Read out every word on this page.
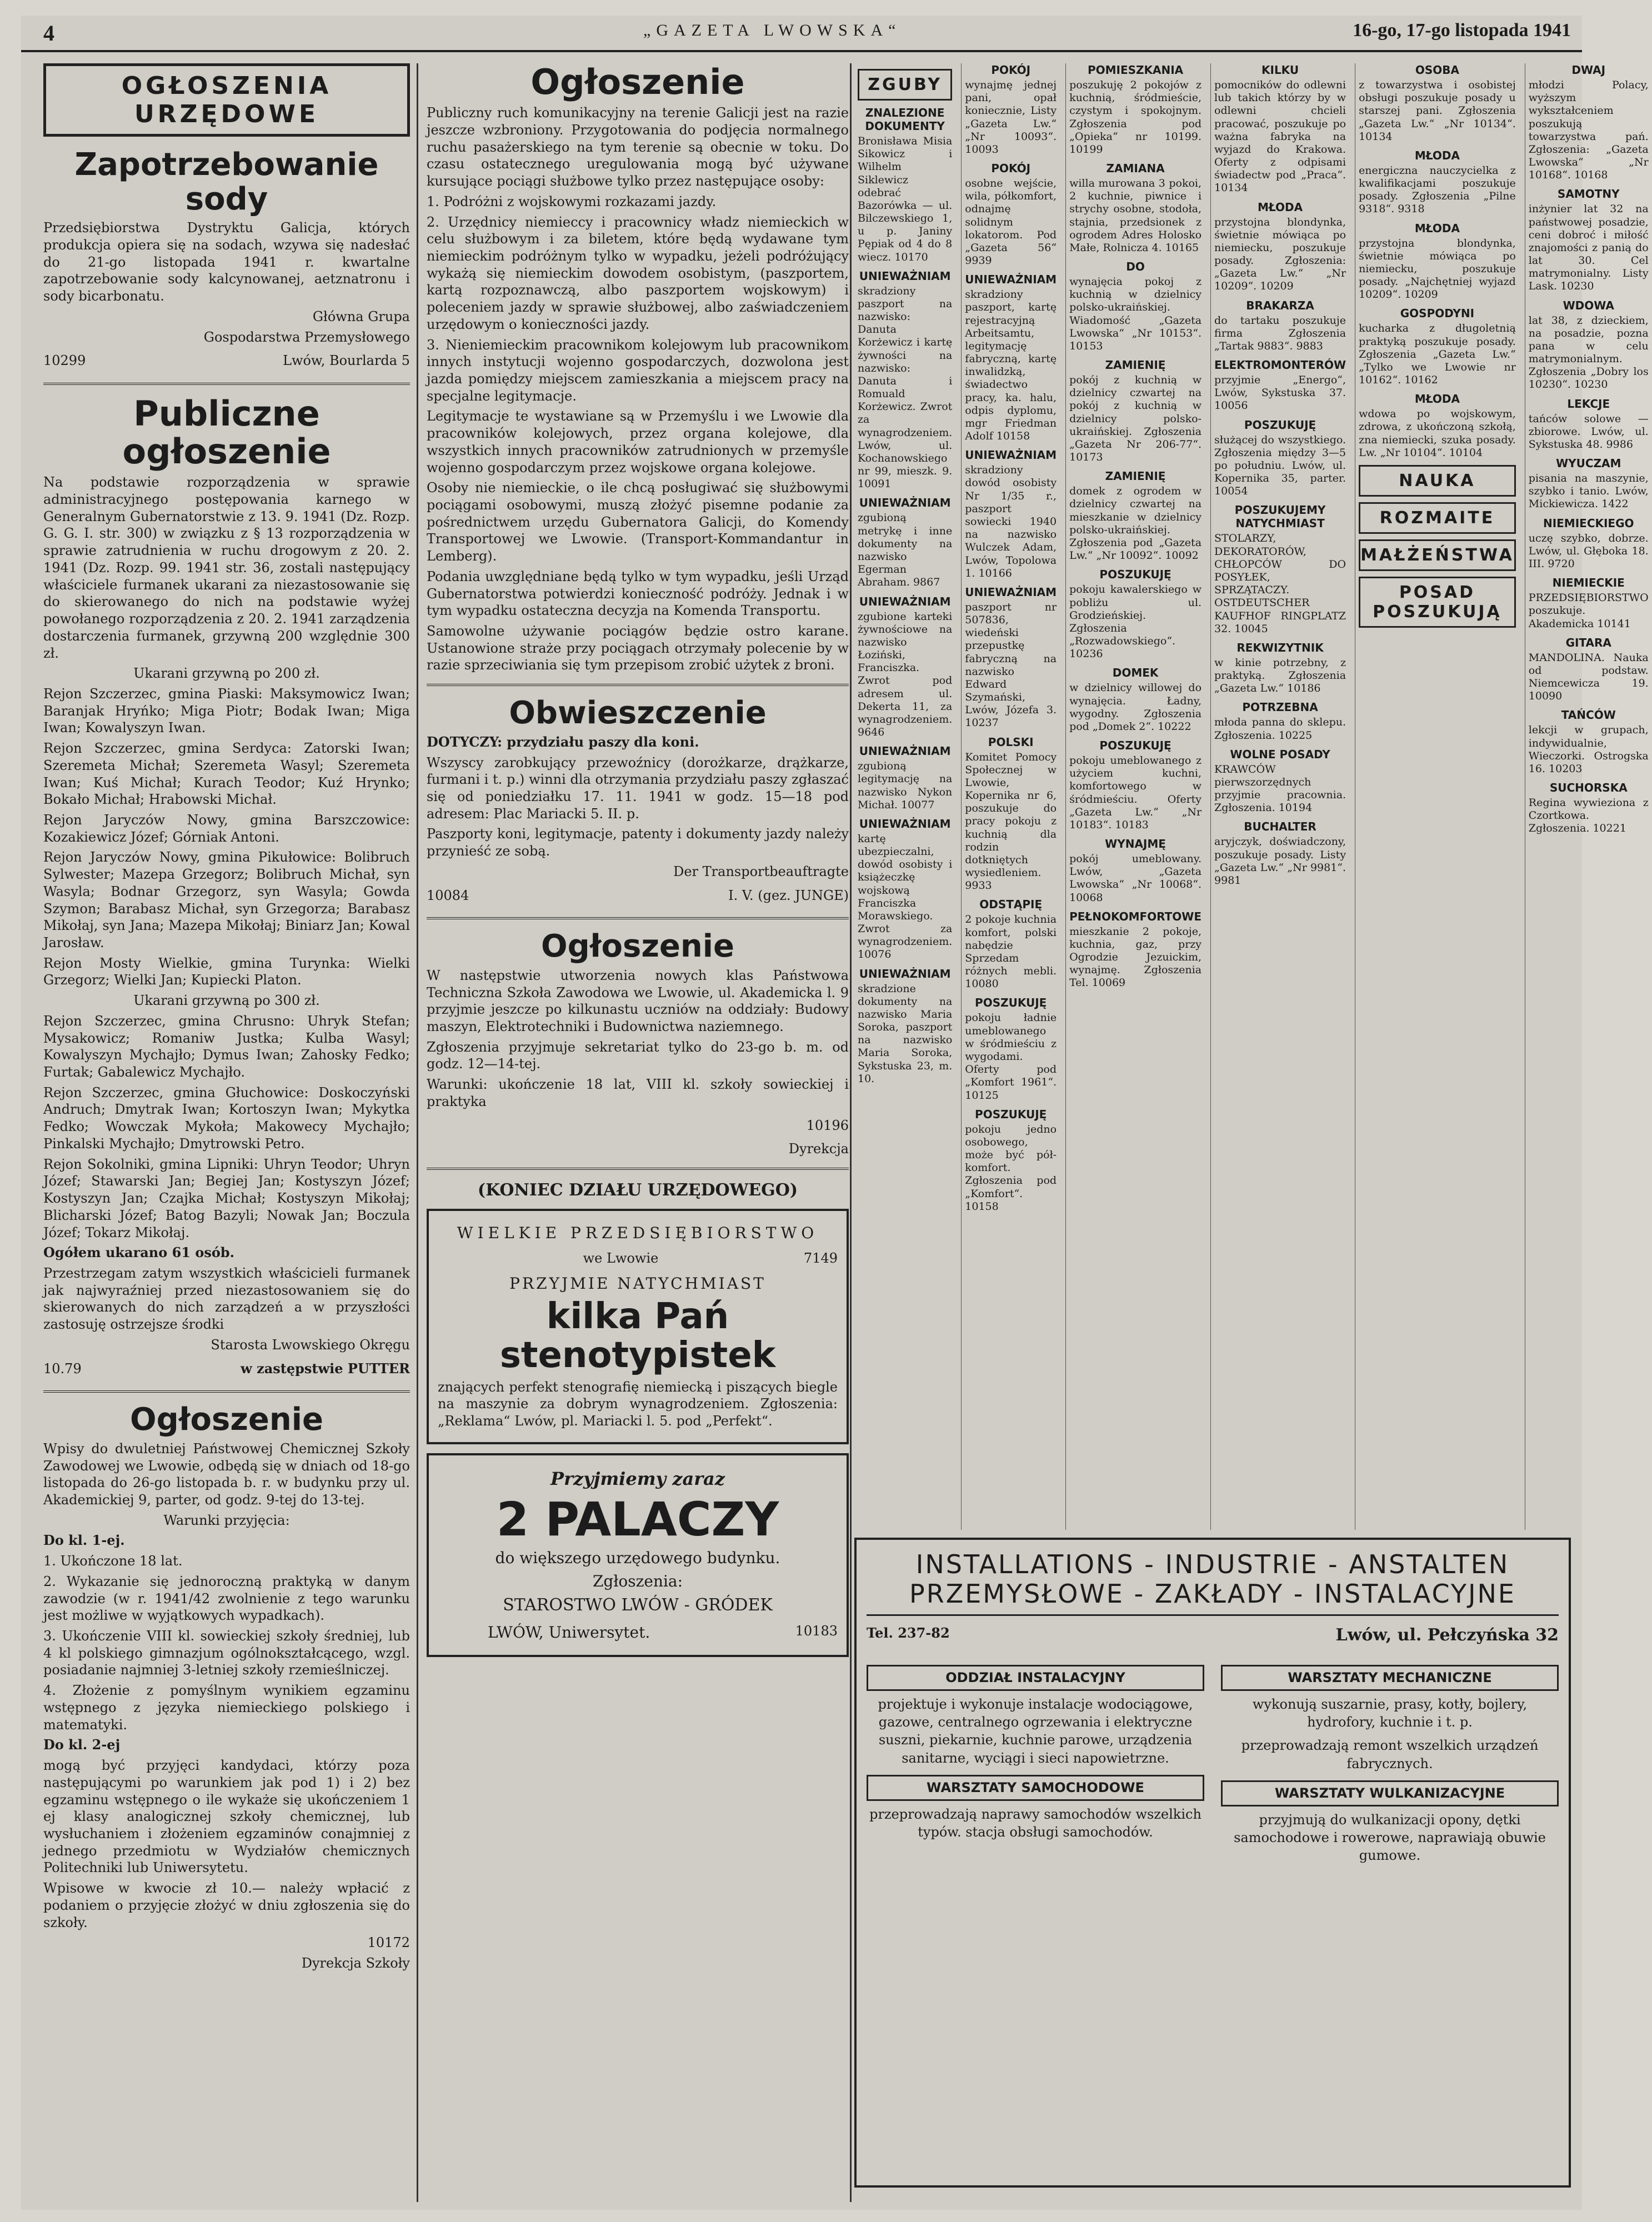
4	„GAZETA LWOWSKA“	16-go, 17-go listopada 1941
OGŁOSZENIA URZĘDOWE
Zapotrzebowanie sody

Przedsiębiorstwa Dystryktu Galicja, których produkcja opiera się na sodach, wzywa się nadesłać do 21-go listopada 1941 r. kwartalne zapotrzebowanie sody kalcynowanej, aetznatronu i sody bicarbonatu.

Główna Grupa

Gospodarstwa Przemysłowego

10299	Lwów, Bourlarda 5
Publiczne ogłoszenie

Na podstawie rozporządzenia w sprawie administracyjnego postępowania karnego w Generalnym Gubernatorstwie z 13. 9. 1941 (Dz. Rozp. G. G. I. str. 300) w związku z § 13 rozporządzenia w sprawie zatrudnienia w ruchu drogowym z 20. 2. 1941 (Dz. Rozp. 99. 1941 str. 36, zostali następujący właściciele furmanek ukarani za niezastosowanie się do skierowanego do nich na podstawie wyżej powołanego rozporządzenia z 20. 2. 1941 zarządzenia dostarczenia furmanek, grzywną 200 względnie 300 zł.

Ukarani grzywną po 200 zł.

Rejon Szczerzec, gmina Piaski: Maksymowicz Iwan; Baranjak Hryńko; Miga Piotr; Bodak Iwan; Miga Iwan; Kowalyszyn Iwan.

Rejon Szczerzec, gmina Serdyca: Zatorski Iwan; Szeremeta Michał; Szeremeta Wasyl; Szeremeta Iwan; Kuś Michał; Kurach Teodor; Kuź Hrynko; Bokało Michał; Hrabowski Michał.

Rejon Jaryczów Nowy, gmina Barszczowice: Kozakiewicz Józef; Górniak Antoni.

Rejon Jaryczów Nowy, gmina Pikułowice: Bolibruch Sylwester; Mazepa Grzegorz; Bolibruch Michał, syn Wasyla; Bodnar Grzegorz, syn Wasyla; Gowda Szymon; Barabasz Michał, syn Grzegorza; Barabasz Mikołaj, syn Jana; Mazepa Mikołaj; Biniarz Jan; Kowal Jarosław.

Rejon Mosty Wielkie, gmina Turynka: Wielki Grzegorz; Wielki Jan; Kupiecki Platon.

Ukarani grzywną po 300 zł.

Rejon Szczerzec, gmina Chrusno: Uhryk Stefan; Mysakowicz; Romaniw Justka; Kulba Wasyl; Kowalyszyn Mychajło; Dymus Iwan; Zahosky Fedko; Furtak; Gabalewicz Mychajło.

Rejon Szczerzec, gmina Głuchowice: Doskoczyński Andruch; Dmytrak Iwan; Kortoszyn Iwan; Mykytka Fedko; Wowczak Mykoła; Makowecy Mychajło; Pinkalski Mychajło; Dmytrowski Petro.

Rejon Sokolniki, gmina Lipniki: Uhryn Teodor; Uhryn Józef; Stawarski Jan; Begiej Jan; Kostyszyn Józef; Kostyszyn Jan; Czajka Michał; Kostyszyn Mikołaj; Blicharski Józef; Batog Bazyli; Nowak Jan; Boczula Józef; Tokarz Mikołaj.

Ogółem ukarano 61 osób.

Przestrzegam zatym wszystkich właścicieli furmanek jak najwyraźniej przed niezastosowaniem się do skierowanych do nich zarządzeń a w przyszłości zastosuję ostrzejsze środki

Starosta Lwowskiego Okręgu

10.79	w zastępstwie PUTTER
Ogłoszenie

Wpisy do dwuletniej Państwowej Chemicznej Szkoły Zawodowej we Lwowie, odbędą się w dniach od 18-go listopada do 26-go listopada b. r. w budynku przy ul. Akademickiej 9, parter, od godz. 9-tej do 13-tej.

Warunki przyjęcia:

Do kl. 1-ej.

1. Ukończone 18 lat.

2. Wykazanie się jednoroczną praktyką w danym zawodzie (w r. 1941/42 zwolnienie z tego warunku jest możliwe w wyjątkowych wypadkach).

3. Ukończenie VIII kl. sowieckiej szkoły średniej, lub 4 kl polskiego gimnazjum ogólnokształcącego, wzgl. posiadanie najmniej 3-letniej szkoły rzemieślniczej.

4. Złożenie z pomyślnym wynikiem egzaminu wstępnego z języka niemieckiego polskiego i matematyki.

Do kl. 2-ej

mogą być przyjęci kandydaci, którzy poza następującymi po warunkiem jak pod 1) i 2) bez egzaminu wstępnego o ile wykaże się ukończeniem 1 ej klasy analogicznej szkoły chemicznej, lub wysłuchaniem i złożeniem egzaminów conajmniej z jednego przedmiotu w Wydziałów chemicznych Politechniki lub Uniwersytetu.

Wpisowe w kwocie zł 10.— należy wpłacić z podaniem o przyjęcie złożyć w dniu zgłoszenia się do szkoły.

10172

Dyrekcja Szkoły

Ogłoszenie

Publiczny ruch komunikacyjny na terenie Galicji jest na razie jeszcze wzbroniony. Przygotowania do podjęcia normalnego ruchu pasażerskiego na tym terenie są obecnie w toku. Do czasu ostatecznego uregulowania mogą być używane kursujące pociągi służbowe tylko przez następujące osoby:

1. Podróżni z wojskowymi rozkazami jazdy.

2. Urzędnicy niemieccy i pracownicy władz niemieckich w celu służbowym i za biletem, które będą wydawane tym niemieckim podróżnym tylko w wypadku, jeżeli podróżujący wykażą się niemieckim dowodem osobistym, (paszportem, kartą rozpoznawczą, albo paszportem wojskowym) i poleceniem jazdy w sprawie służbowej, albo zaświadczeniem urzędowym o konieczności jazdy.

3. Nieniemieckim pracownikom kolejowym lub pracownikom innych instytucji wojenno gospodarczych, dozwolona jest jazda pomiędzy miejscem zamieszkania a miejscem pracy na specjalne legitymacje.

Legitymacje te wystawiane są w Przemyślu i we Lwowie dla pracowników kolejowych, przez organa kolejowe, dla wszystkich innych pracowników zatrudnionych w przemyśle wojenno gospodarczym przez wojskowe organa kolejowe.

Osoby nie niemieckie, o ile chcą posługiwać się służbowymi pociągami osobowymi, muszą złożyć pisemne podanie za pośrednictwem urzędu Gubernatora Galicji, do Komendy Transportowej we Lwowie. (Transport-Kommandantur in Lemberg).

Podania uwzględniane będą tylko w tym wypadku, jeśli Urząd Gubernatorstwa potwierdzi konieczność podróży. Jednak i w tym wypadku ostateczna decyzja na Komenda Transportu.

Samowolne używanie pociągów będzie ostro karane. Ustanowione straże przy pociągach otrzymały polecenie by w razie sprzeciwiania się tym przepisom zrobić użytek z broni.

Obwieszczenie

DOTYCZY: przydziału paszy dla koni.

Wszyscy zarobkujący przewoźnicy (dorożkarze, drążkarze, furmani i t. p.) winni dla otrzymania przydziału paszy zgłaszać się od poniedziałku 17. 11. 1941 w godz. 15—18 pod adresem: Plac Mariacki 5. II. p.

Paszporty koni, legitymacje, patenty i dokumenty jazdy należy przynieść ze sobą.

Der Transportbeauftragte

10084	I. V. (gez. JUNGE)
Ogłoszenie

W następstwie utworzenia nowych klas Państwowa Techniczna Szkoła Zawodowa we Lwowie, ul. Akademicka l. 9 przyjmie jeszcze po kilkunastu uczniów na oddziały: Budowy maszyn, Elektrotechniki i Budownictwa naziemnego.

Zgłoszenia przyjmuje sekretariat tylko do 23-go b. m. od godz. 12—14-tej.

Warunki: ukończenie 18 lat, VIII kl. szkoły sowieckiej i praktyka

10196

Dyrekcja

(KONIEC DZIAŁU URZĘDOWEGO)

WIELKIE PRZEDSIĘBIORSTWO

we Lwowie	7149

PRZYJMIE NATYCHMIAST

kilka Pań stenotypistek

znających perfekt stenografię niemiecką i piszących biegle na maszynie za dobrym wynagrodzeniem. Zgłoszenia: „Reklama“ Lwów, pl. Mariacki l. 5. pod „Perfekt“.

Przyjmiemy zaraz

2 PALACZY

do większego urzędowego budynku.

Zgłoszenia:

STAROSTWO LWÓW - GRÓDEK

LWÓW, Uniwersytet.	10183
ZGUBY
ZNALEZIONE DOKUMENTY
Bronisława Misia Sikowicz i Wilhelm Siklewicz odebrać Bazorówka — ul. Bilczewskiego 1, u p. Janiny Pępiak od 4 do 8 wiecz. 10170
UNIEWAŻNIAM
skradziony paszport na nazwisko: Danuta Korżewicz i kartę żywności na nazwisko: Danuta i Romuald Korżewicz. Zwrot za wynagrodzeniem. Lwów, ul. Kochanowskiego nr 99, mieszk. 9. 10091
UNIEWAŻNIAM
zgubioną metrykę i inne dokumenty na nazwisko Egerman Abraham. 9867
UNIEWAŻNIAM
zgubione karteki żywnościowe na nazwisko Łoziński, Franciszka. Zwrot pod adresem ul. Dekerta 11, za wynagrodzeniem. 9646
UNIEWAŻNIAM
zgubioną legitymację na nazwisko Nykon Michał. 10077
UNIEWAŻNIAM
kartę ubezpieczalni, dowód osobisty i książeczkę wojskową Franciszka Morawskiego. Zwrot za wynagrodzeniem. 10076
UNIEWAŻNIAM
skradzione dokumenty na nazwisko Maria Soroka, paszport na nazwisko Maria Soroka, Sykstuska 23, m. 10.
POKÓJ
wynajmę jednej pani, opał koniecznie, Listy „Gazeta Lw.“ „Nr 10093“. 10093
POKÓJ
osobne wejście, wila, półkomfort, odnajmę solidnym lokatorom. Pod „Gazeta 56“ 9939
UNIEWAŻNIAM
skradziony paszport, kartę rejestracyjną Arbeitsamtu, legitymację fabryczną, kartę inwalidzką, świadectwo pracy, ka. halu, odpis dyplomu, mgr Friedman Adolf 10158
UNIEWAŻNIAM
skradziony dowód osobisty Nr 1/35 r., paszport sowiecki 1940 na nazwisko Wulczek Adam, Lwów, Topolowa 1. 10166
UNIEWAŻNIAM
paszport nr 507836, wiedeński przepustkę fabryczną na nazwisko Edward Szymański, Lwów, Józefa 3. 10237
POLSKI
Komitet Pomocy Społecznej w Lwowie, Kopernika nr 6, poszukuje do pracy pokoju z kuchnią dla rodzin dotkniętych wysiedleniem. 9933
ODSTĄPIĘ
2 pokoje kuchnia komfort, polski nabędzie Sprzedam różnych mebli. 10080
POSZUKUJĘ
pokoju ładnie umeblowanego w śródmieściu z wygodami. Oferty pod „Komfort 1961“. 10125
POSZUKUJĘ
pokoju jedno osobowego, może być pół-komfort. Zgłoszenia pod „Komfort“. 10158
POMIESZKANIA
poszukuję 2 pokojów z kuchnią, śródmieście, czystym i spokojnym. Zgłoszenia pod „Opieka“ nr 10199. 10199
ZAMIANA
willa murowana 3 pokoi, 2 kuchnie, piwnice i strychy osobne, stodoła, stajnia, przedsionek z ogrodem Adres Holosko Małe, Rolnicza 4. 10165
DO
wynajęcia pokoj z kuchnią w dzielnicy polsko-ukraińskiej. Wiadomość „Gazeta Lwowska“ „Nr 10153“. 10153
ZAMIENIĘ
pokój z kuchnią w dzielnicy czwartej na pokój z kuchnią w dzielnicy polsko-ukraińskiej. Zgłoszenia „Gazeta Nr 206-77“. 10173
ZAMIENIĘ
domek z ogrodem w dzielnicy czwartej na mieszkanie w dzielnicy polsko-ukraińskiej. Zgłoszenia pod „Gazeta Lw.“ „Nr 10092“. 10092
POSZUKUJĘ
pokoju kawalerskiego w pobliżu ul. Grodzieńskiej. Zgłoszenia „Rozwadowskiego“. 10236
DOMEK
w dzielnicy willowej do wynajęcia. Ładny, wygodny. Zgłoszenia pod „Domek 2“. 10222
POSZUKUJĘ
pokoju umeblowanego z użyciem kuchni, komfortowego w śródmieściu. Oferty „Gazeta Lw.“ „Nr 10183“. 10183
WYNAJMĘ
pokój umeblowany. Lwów, „Gazeta Lwowska“ „Nr 10068“. 10068
PEŁNOKOMFORTOWE
mieszkanie 2 pokoje, kuchnia, gaz, przy Ogrodzie Jezuickim, wynajmę. Zgłoszenia Tel. 10069
KILKU
pomocników do odlewni lub takich którzy by w odlewni chcieli pracować, poszukuje po ważna fabryka na wyjazd do Krakowa. Oferty z odpisami świadectw pod „Praca“. 10134
MŁODA
przystojna blondynka, świetnie mówiąca po niemiecku, poszukuje posady. Zgłoszenia: „Gazeta Lw.“ „Nr 10209“. 10209
BRAKARZA
do tartaku poszukuje firma Zgłoszenia „Tartak 9883“. 9883
ELEKTROMONTERÓW
przyjmie „Energo“, Lwów, Sykstuska 37. 10056
POSZUKUJĘ
służącej do wszystkiego. Zgłoszenia między 3—5 po południu. Lwów, ul. Kopernika 35, parter. 10054
POSZUKUJEMY NATYCHMIAST
STOLARZY, DEKORATORÓW, CHŁOPCÓW DO POSYŁEK, SPRZĄTACZY. OSTDEUTSCHER KAUFHOF RINGPLATZ 32. 10045
REKWIZYTNIK
w kinie potrzebny, z praktyką. Zgłoszenia „Gazeta Lw.“ 10186
POTRZEBNA
młoda panna do sklepu. Zgłoszenia. 10225
WOLNE POSADY
KRAWCÓW pierwszorzędnych przyjmie pracownia. Zgłoszenia. 10194
BUCHALTER
aryjczyk, doświadczony, poszukuje posady. Listy „Gazeta Lw.“ „Nr 9981“. 9981
OSOBA
z towarzystwa i osobistej obsługi poszukuje posady u starszej pani. Zgłoszenia „Gazeta Lw.“ „Nr 10134“. 10134
MŁODA
energiczna nauczycielka z kwalifikacjami poszukuje posady. Zgłoszenia „Pilne 9318“. 9318
MŁODA
przystojna blondynka, świetnie mówiąca po niemiecku, poszukuje posady. „Najchętniej wyjazd 10209“. 10209
GOSPODYNI
kucharka z długoletnią praktyką poszukuje posady. Zgłoszenia „Gazeta Lw.“ „Tylko we Lwowie nr 10162“. 10162
MŁODA
wdowa po wojskowym, zdrowa, z ukończoną szkołą, zna niemiecki, szuka posady. Lw. „Nr 10104“. 10104
NAUKA
ROZMAITE
MAŁŻEŃSTWA
POSAD POSZUKUJĄ
DWAJ
młodzi Polacy, wyższym wykształceniem poszukują towarzystwa pań. Zgłoszenia: „Gazeta Lwowska“ „Nr 10168“. 10168
SAMOTNY
inżynier lat 32 na państwowej posadzie, ceni dobroć i miłość znajomości z panią do lat 30. Cel matrymonialny. Listy Lask. 10230
WDOWA
lat 38, z dzieckiem, na posadzie, pozna pana w celu matrymonialnym. Zgłoszenia „Dobry los 10230“. 10230
LEKCJE
tańców solowe — zbiorowe. Lwów, ul. Sykstuska 48. 9986
WYUCZAM
pisania na maszynie, szybko i tanio. Lwów, Mickiewicza. 1422
NIEMIECKIEGO
uczę szybko, dobrze. Lwów, ul. Głęboka 18. III. 9720
NIEMIECKIE
PRZEDSIĘBIORSTWO poszukuje. Akademicka 10141
GITARA
MANDOLINA. Nauka od podstaw. Niemcewicza 19. 10090
TAŃCÓW
lekcji w grupach, indywidualnie, Wieczorki. Ostrogska 16. 10203
SUCHORSKA
Regina wywieziona z Czortkowa. Zgłoszenia. 10221
INSTALLATIONS - INDUSTRIE - ANSTALTEN
PRZEMYSŁOWE - ZAKŁADY - INSTALACYJNE
Tel. 237-82	Lwów, ul. Pełczyńska 32
ODDZIAŁ INSTALACYJNY
projektuje i wykonuje instalacje wodociągowe, gazowe, centralnego ogrzewania i elektryczne suszni, piekarnie, kuchnie parowe, urządzenia sanitarne, wyciągi i sieci napowietrzne.
WARSZTATY SAMOCHODOWE
przeprowadzają naprawy samochodów wszelkich typów. stacja obsługi samochodów.
WARSZTATY MECHANICZNE
wykonują suszarnie, prasy, kotły, bojlery, hydrofory, kuchnie i t. p.
przeprowadzają remont wszelkich urządzeń fabrycznych.
WARSZTATY WULKANIZACYJNE
przyjmują do wulkanizacji opony, dętki samochodowe i rowerowe, naprawiają obuwie gumowe.
